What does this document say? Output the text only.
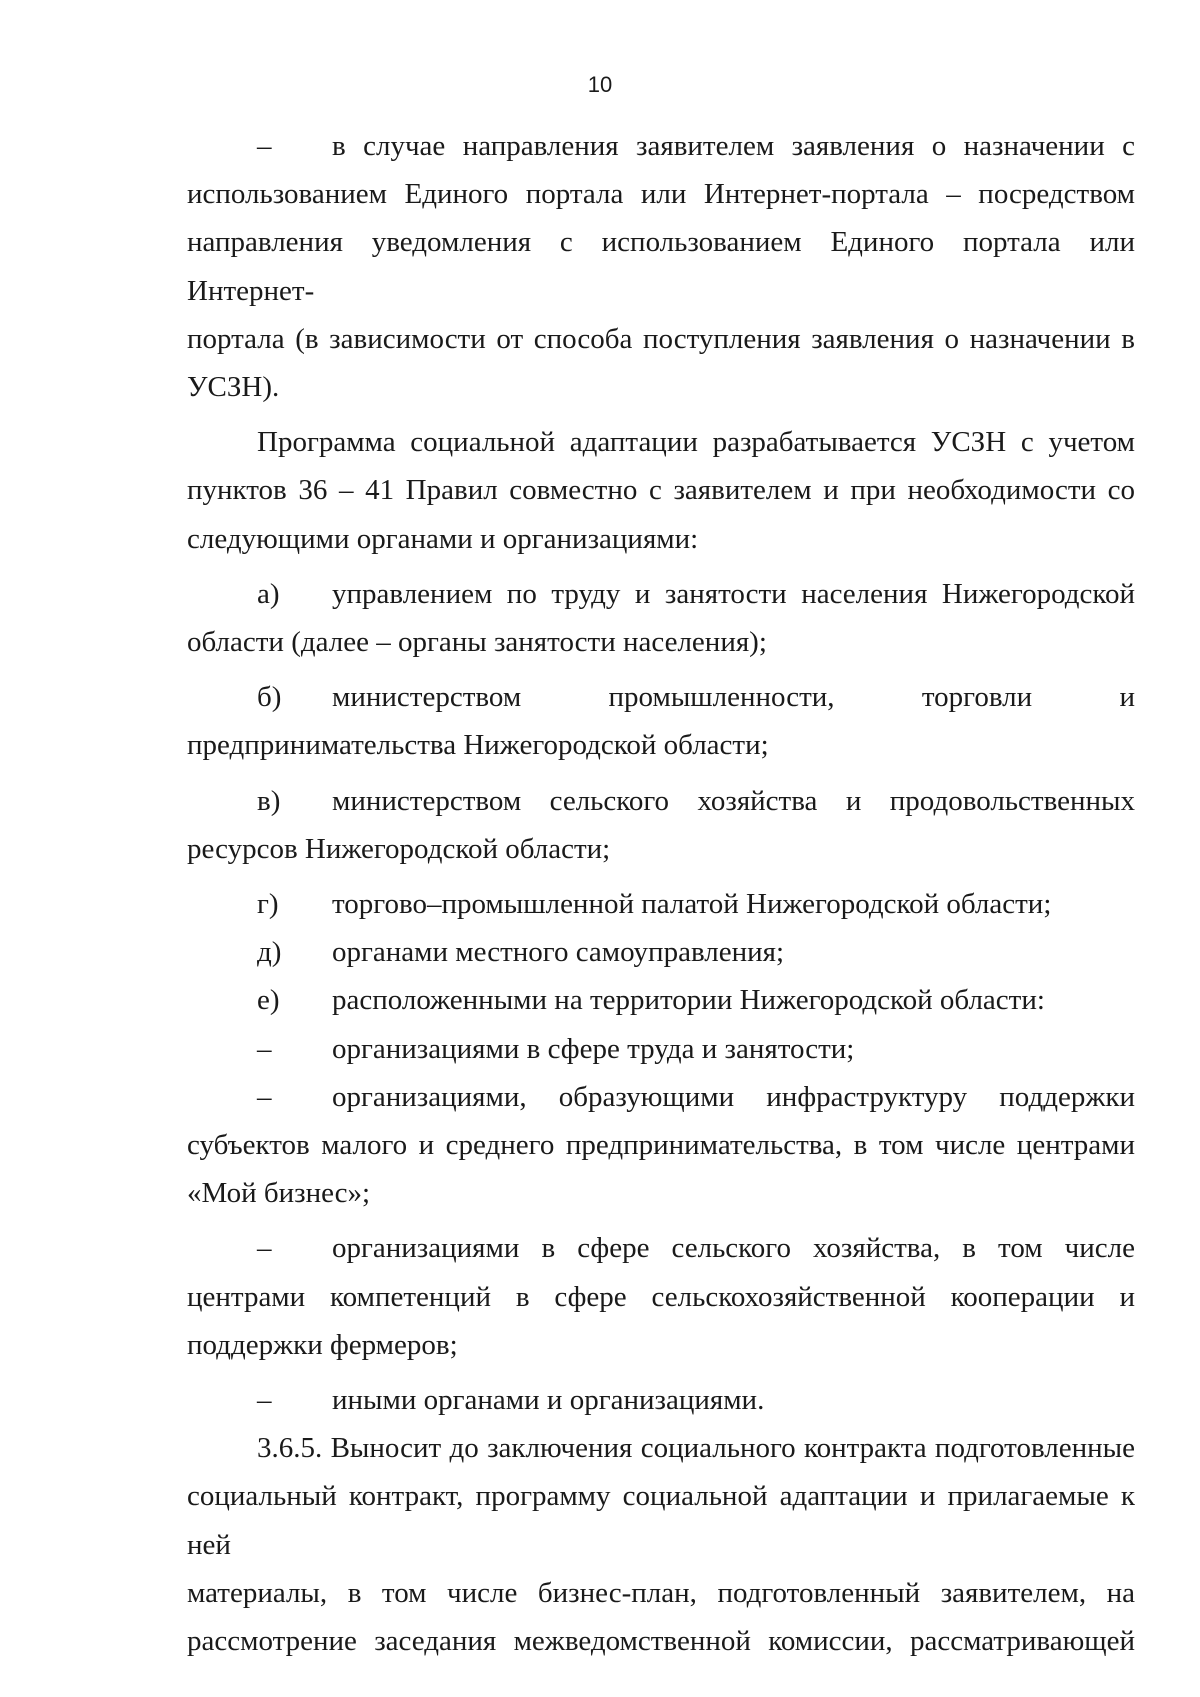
10
– в случае направления заявителем заявления о назначении с
использованием Единого портала или Интернет-портала – посредством
направления уведомления с использованием Единого портала или Интернет-
портала (в зависимости от способа поступления заявления о назначении в
УСЗН).
Программа социальной адаптации разрабатывается УСЗН с учетом
пунктов 36 – 41 Правил совместно с заявителем и при необходимости со
следующими органами и организациями:
а) управлением по труду и занятости населения Нижегородской
области (далее – органы занятости населения);
б) министерством промышленности, торговли и
предпринимательства Нижегородской области;
в) министерством сельского хозяйства и продовольственных
ресурсов Нижегородской области;
г) торгово–промышленной палатой Нижегородской области;
д) органами местного самоуправления;
е) расположенными на территории Нижегородской области:
– организациями в сфере труда и занятости;
– организациями, образующими инфраструктуру поддержки
субъектов малого и среднего предпринимательства, в том числе центрами
«Мой бизнес»;
– организациями в сфере сельского хозяйства, в том числе
центрами компетенций в сфере сельскохозяйственной кооперации и
поддержки фермеров;
– иными органами и организациями.
3.6.5. Выносит до заключения социального контракта подготовленные
социальный контракт, программу социальной адаптации и прилагаемые к ней
материалы, в том числе бизнес-план, подготовленный заявителем, на
рассмотрение заседания межведомственной комиссии, рассматривающей
